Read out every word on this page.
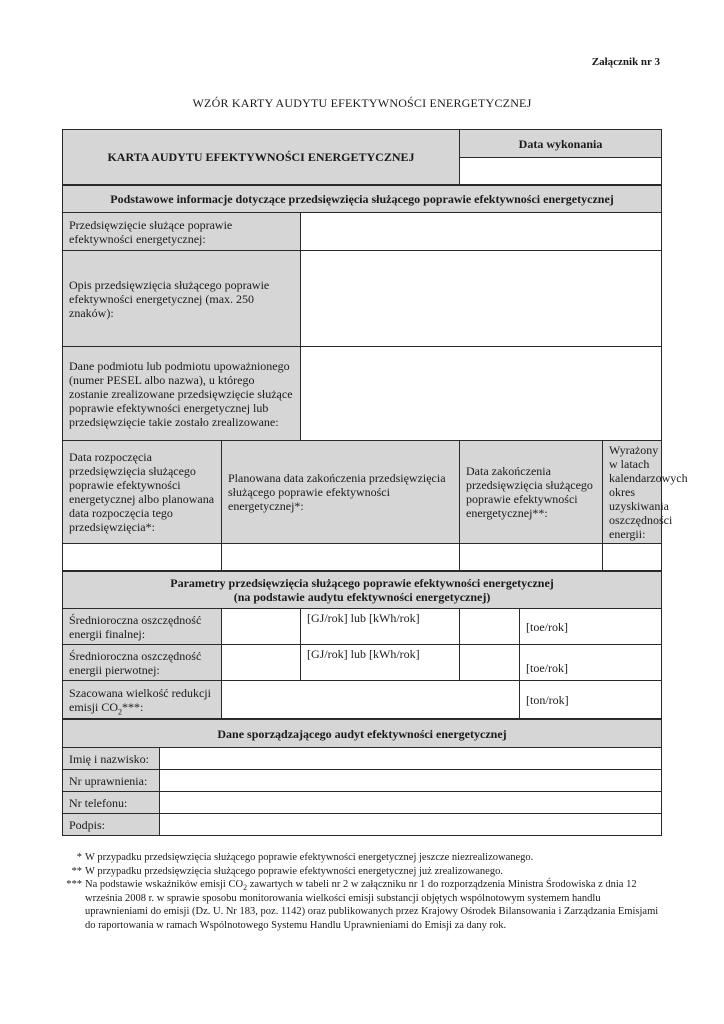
Załącznik nr 3
WZÓR KARTY AUDYTU EFEKTYWNOŚCI ENERGETYCZNEJ
KARTA AUDYTU EFEKTYWNOŚCI ENERGETYCZNEJ	Data wykonania

Podstawowe informacje dotyczące przedsięwzięcia służącego poprawie efektywności energetycznej				
Przedsięwzięcie służące poprawie efektywności energetycznej:				
Opis przedsięwzięcia służącego poprawie efektywności energetycznej (max. 250 znaków):				
Dane podmiotu lub podmiotu upoważnionego (numer PESEL albo nazwa), u którego zostanie zrealizowane przedsięwzięcie służące poprawie efektywności energetycznej lub przedsięwzięcie takie zostało zrealizowane:				
Data rozpoczęcia przedsięwzięcia służącego poprawie efektywności energetycznej albo planowana data rozpoczęcia tego przedsięwzięcia*:	Planowana data zakończenia przedsięwzięcia służącego poprawie efektywności energetycznej*:		Data zakończenia przedsięwzięcia służącego poprawie efektywności energetycznej**:	Wyrażony w latach kalendarzowych okres uzyskiwania oszczędności energii:

Parametry przedsięwzięcia służącego poprawie efektywności energetycznej
(na podstawie audytu efektywności energetycznej)				

Średnioroczna oszczędność energii finalnej:		[GJ/rok] lub [kWh/rok]		[toe/rok]
Średnioroczna oszczędność energii pierwotnej:		[GJ/rok] lub [kWh/rok]		[toe/rok]
Szacowana wielkość redukcji emisji $CO_2***$:				[ton/rok]
Dane sporządzającego audyt efektywności energetycznej	
Imię i nazwisko:	
Nr uprawnienia:	
Nr telefonu:	
Podpis:	
* W przypadku przedsięwzięcia służącego poprawie efektywności energetycznej jeszcze niezrealizowanego.
** W przypadku przedsięwzięcia służącego poprawie efektywności energetycznej już zrealizowanego.
*** Na podstawie wskaźników emisji $CO_2$ zawartych w tabeli nr 2 w załączniku nr 1 do rozporządzenia Ministra Środowiska z dnia 12 września 2008 r. w sprawie sposobu monitorowania wielkości emisji substancji objętych wspólnotowym systemem handlu uprawnieniami do emisji (Dz. U. Nr 183, poz. 1142) oraz publikowanych przez Krajowy Ośrodek Bilansowania i Zarządzania Emisjami do raportowania w ramach Wspólnotowego Systemu Handlu Uprawnieniami do Emisji za dany rok.
